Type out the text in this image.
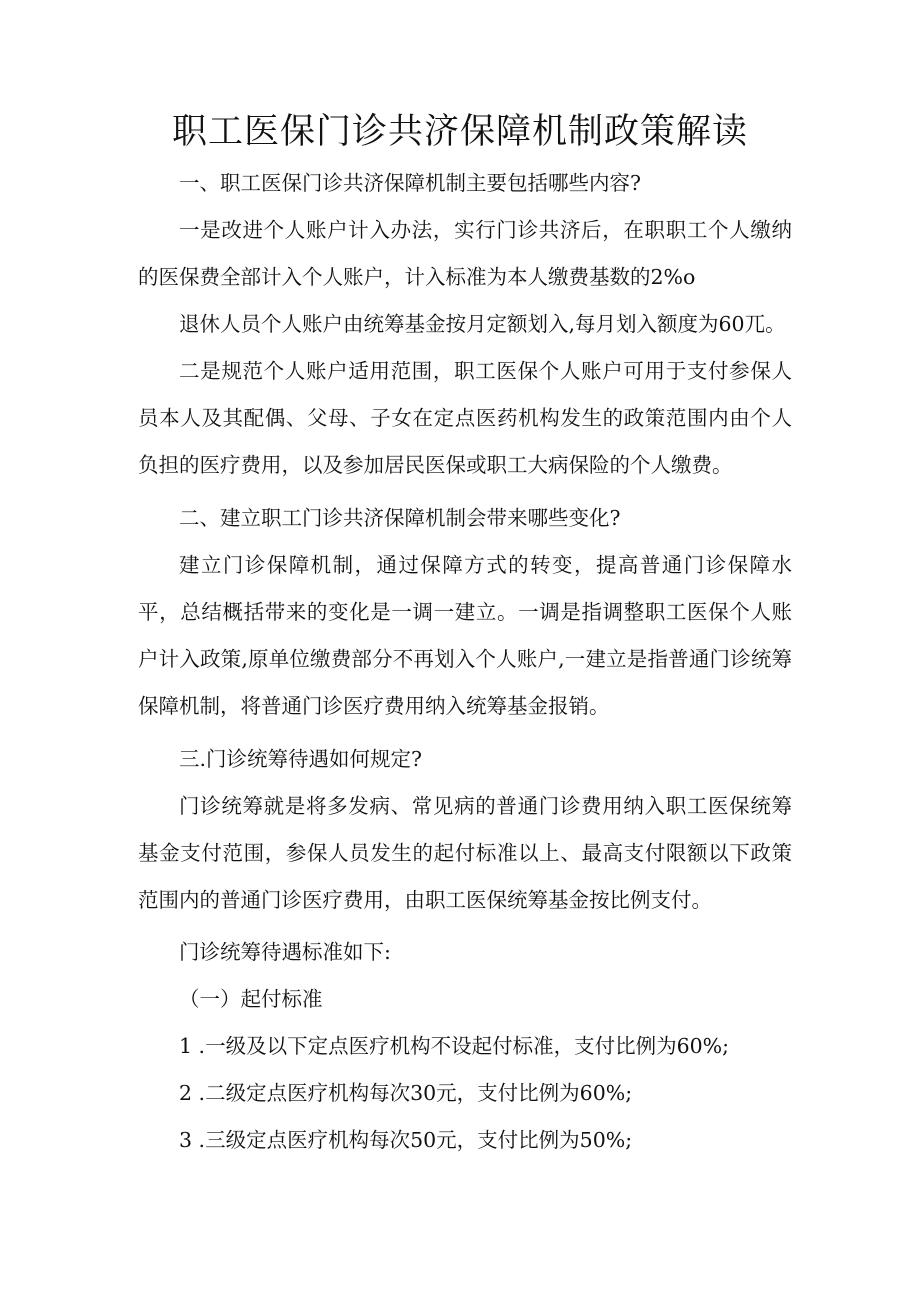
职工医保门诊共济保障机制政策解读
一、职工医保门诊共济保障机制主要包括哪些内容?
一是改进个人账户计入办法，实行门诊共济后，在职职工个人缴纳的医保费全部计入个人账户，计入标准为本人缴费基数的2%o
退休人员个人账户由统筹基金按月定额划入,每月划入额度为60兀。
二是规范个人账户适用范围，职工医保个人账户可用于支付参保人员本人及其配偶、父母、子女在定点医药机构发生的政策范围内由个人负担的医疗费用，以及参加居民医保或职工大病保险的个人缴费。
二、建立职工门诊共济保障机制会带来哪些变化?
建立门诊保障机制，通过保障方式的转变，提高普通门诊保障水平，总结概括带来的变化是一调一建立。一调是指调整职工医保个人账户计入政策,原单位缴费部分不再划入个人账户,一建立是指普通门诊统筹保障机制，将普通门诊医疗费用纳入统筹基金报销。
三.门诊统筹待遇如何规定?
门诊统筹就是将多发病、常见病的普通门诊费用纳入职工医保统筹基金支付范围，参保人员发生的起付标准以上、最高支付限额以下政策范围内的普通门诊医疗费用，由职工医保统筹基金按比例支付。
门诊统筹待遇标准如下:
（一）起付标准
1 .一级及以下定点医疗机构不设起付标准，支付比例为60%;
2 .二级定点医疗机构每次30元，支付比例为60%;
3 .三级定点医疗机构每次50元，支付比例为50%;
